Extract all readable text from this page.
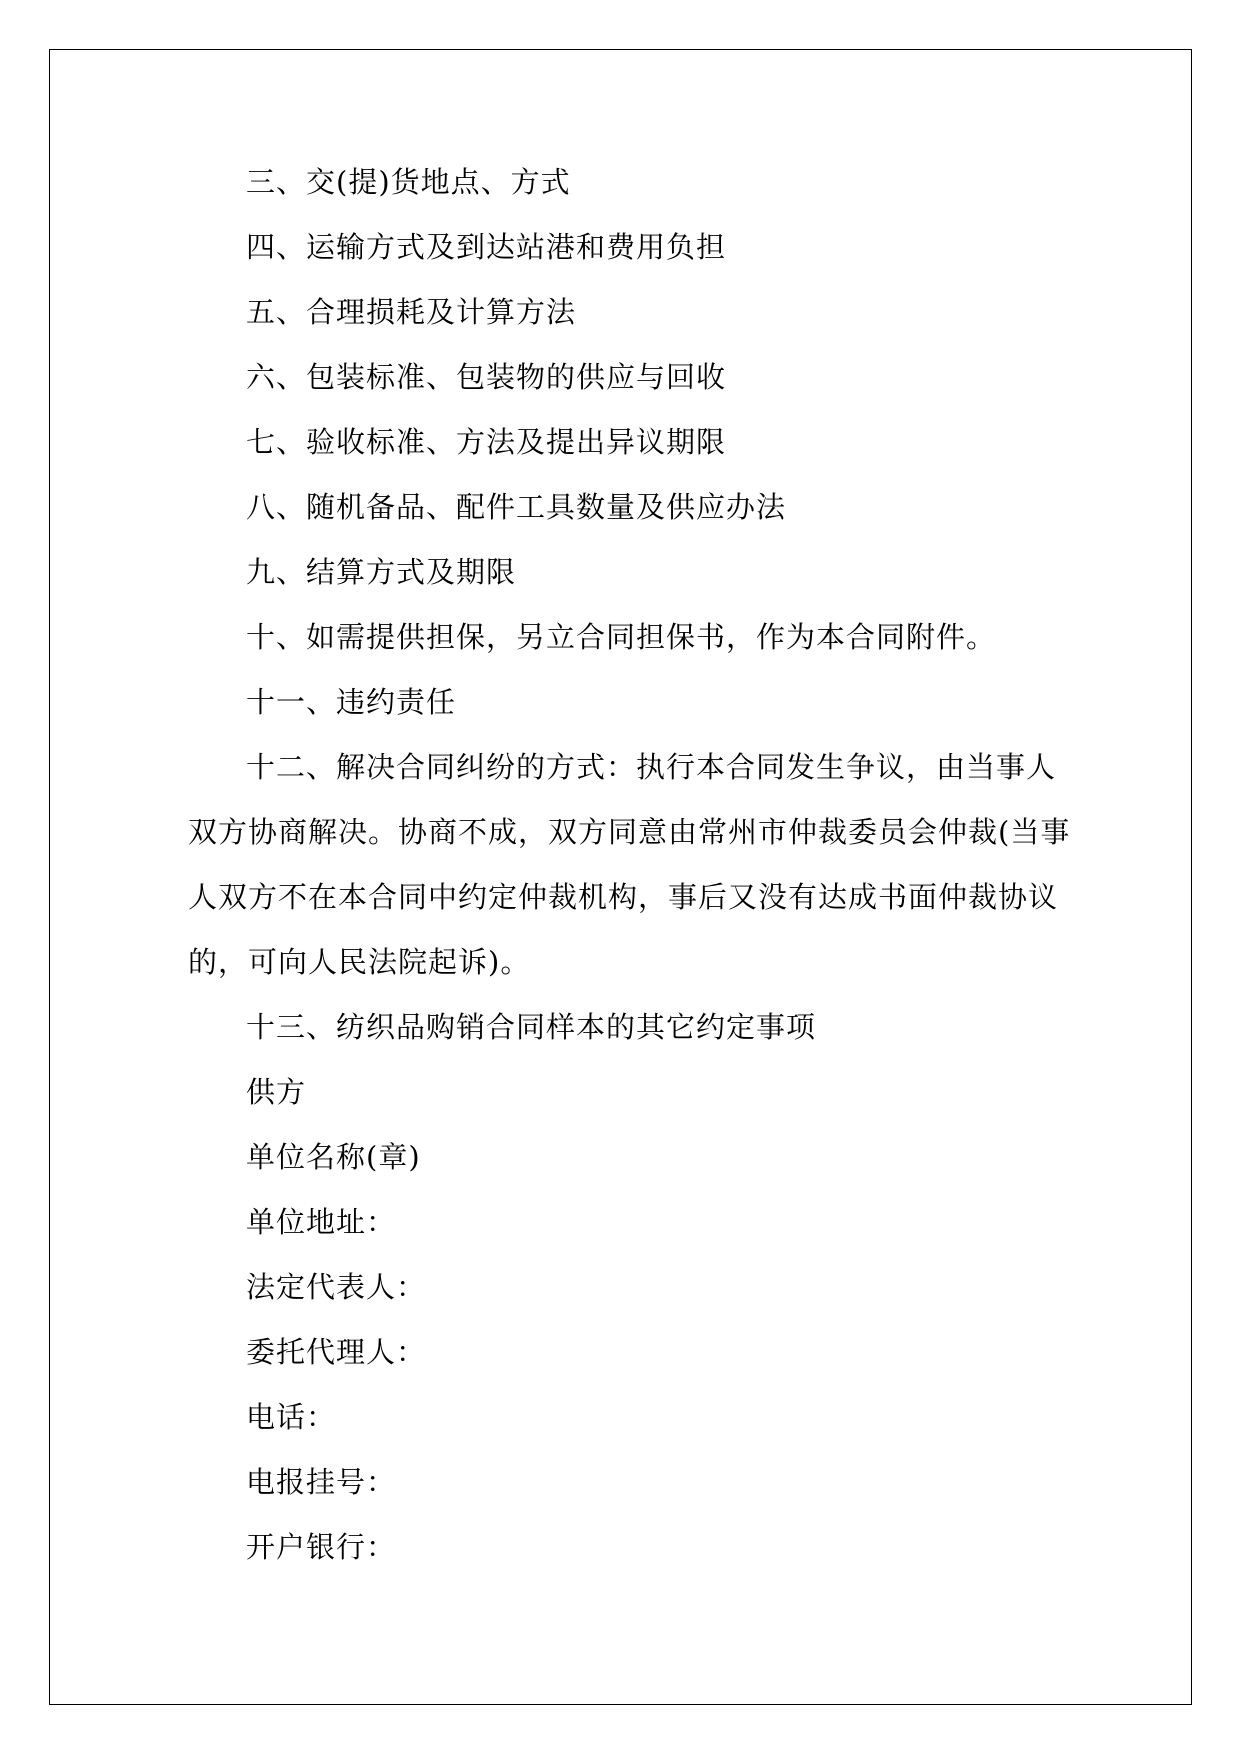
三、交(提)货地点、方式

四、运输方式及到达站港和费用负担

五、合理损耗及计算方法

六、包装标准、包装物的供应与回收

七、验收标准、方法及提出异议期限

八、随机备品、配件工具数量及供应办法

九、结算方式及期限

十、如需提供担保，另立合同担保书，作为本合同附件。

十一、违约责任

十二、解决合同纠纷的方式：执行本合同发生争议，由当事人双方协商解决。协商不成，双方同意由常州市仲裁委员会仲裁(当事人双方不在本合同中约定仲裁机构，事后又没有达成书面仲裁协议的，可向人民法院起诉)。

十三、纺织品购销合同样本的其它约定事项

供方

单位名称(章)

单位地址：

法定代表人：

委托代理人：

电话：

电报挂号：

开户银行：
